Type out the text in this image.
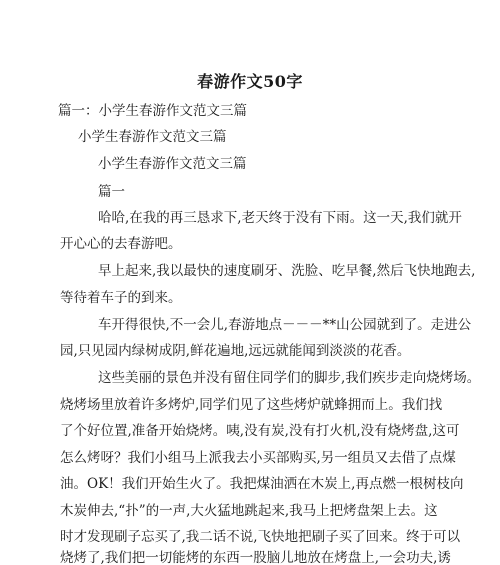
春游作文50字
篇一：小学生春游作文范文三篇
小学生春游作文范文三篇
小学生春游作文范文三篇
篇一
哈哈,在我的再三恳求下,老天终于没有下雨。这一天,我们就开
开心心的去春游吧。
早上起来,我以最快的速度刷牙、洗脸、吃早餐,然后飞快地跑去,
等待着车子的到来。
车开得很快,不一会儿,春游地点－－－**山公园就到了。走进公
园,只见园内绿树成阴,鲜花遍地,远远就能闻到淡淡的花香。
这些美丽的景色并没有留住同学们的脚步,我们疾步走向烧烤场。
烧烤场里放着许多烤炉,同学们见了这些烤炉就蜂拥而上。我们找
了个好位置,准备开始烧烤。咦,没有炭,没有打火机,没有烧烤盘,这可
怎么烤呀？我们小组马上派我去小买部购买,另一组员又去借了点煤
油。OK！我们开始生火了。我把煤油洒在木炭上,再点燃一根树枝向
木炭伸去,“扑”的一声,大火猛地跳起来,我马上把烤盘架上去。这
时才发现刷子忘买了,我二话不说,飞快地把刷子买了回来。终于可以
烧烤了,我们把一切能烤的东西一股脑儿地放在烤盘上,一会功夫,诱
